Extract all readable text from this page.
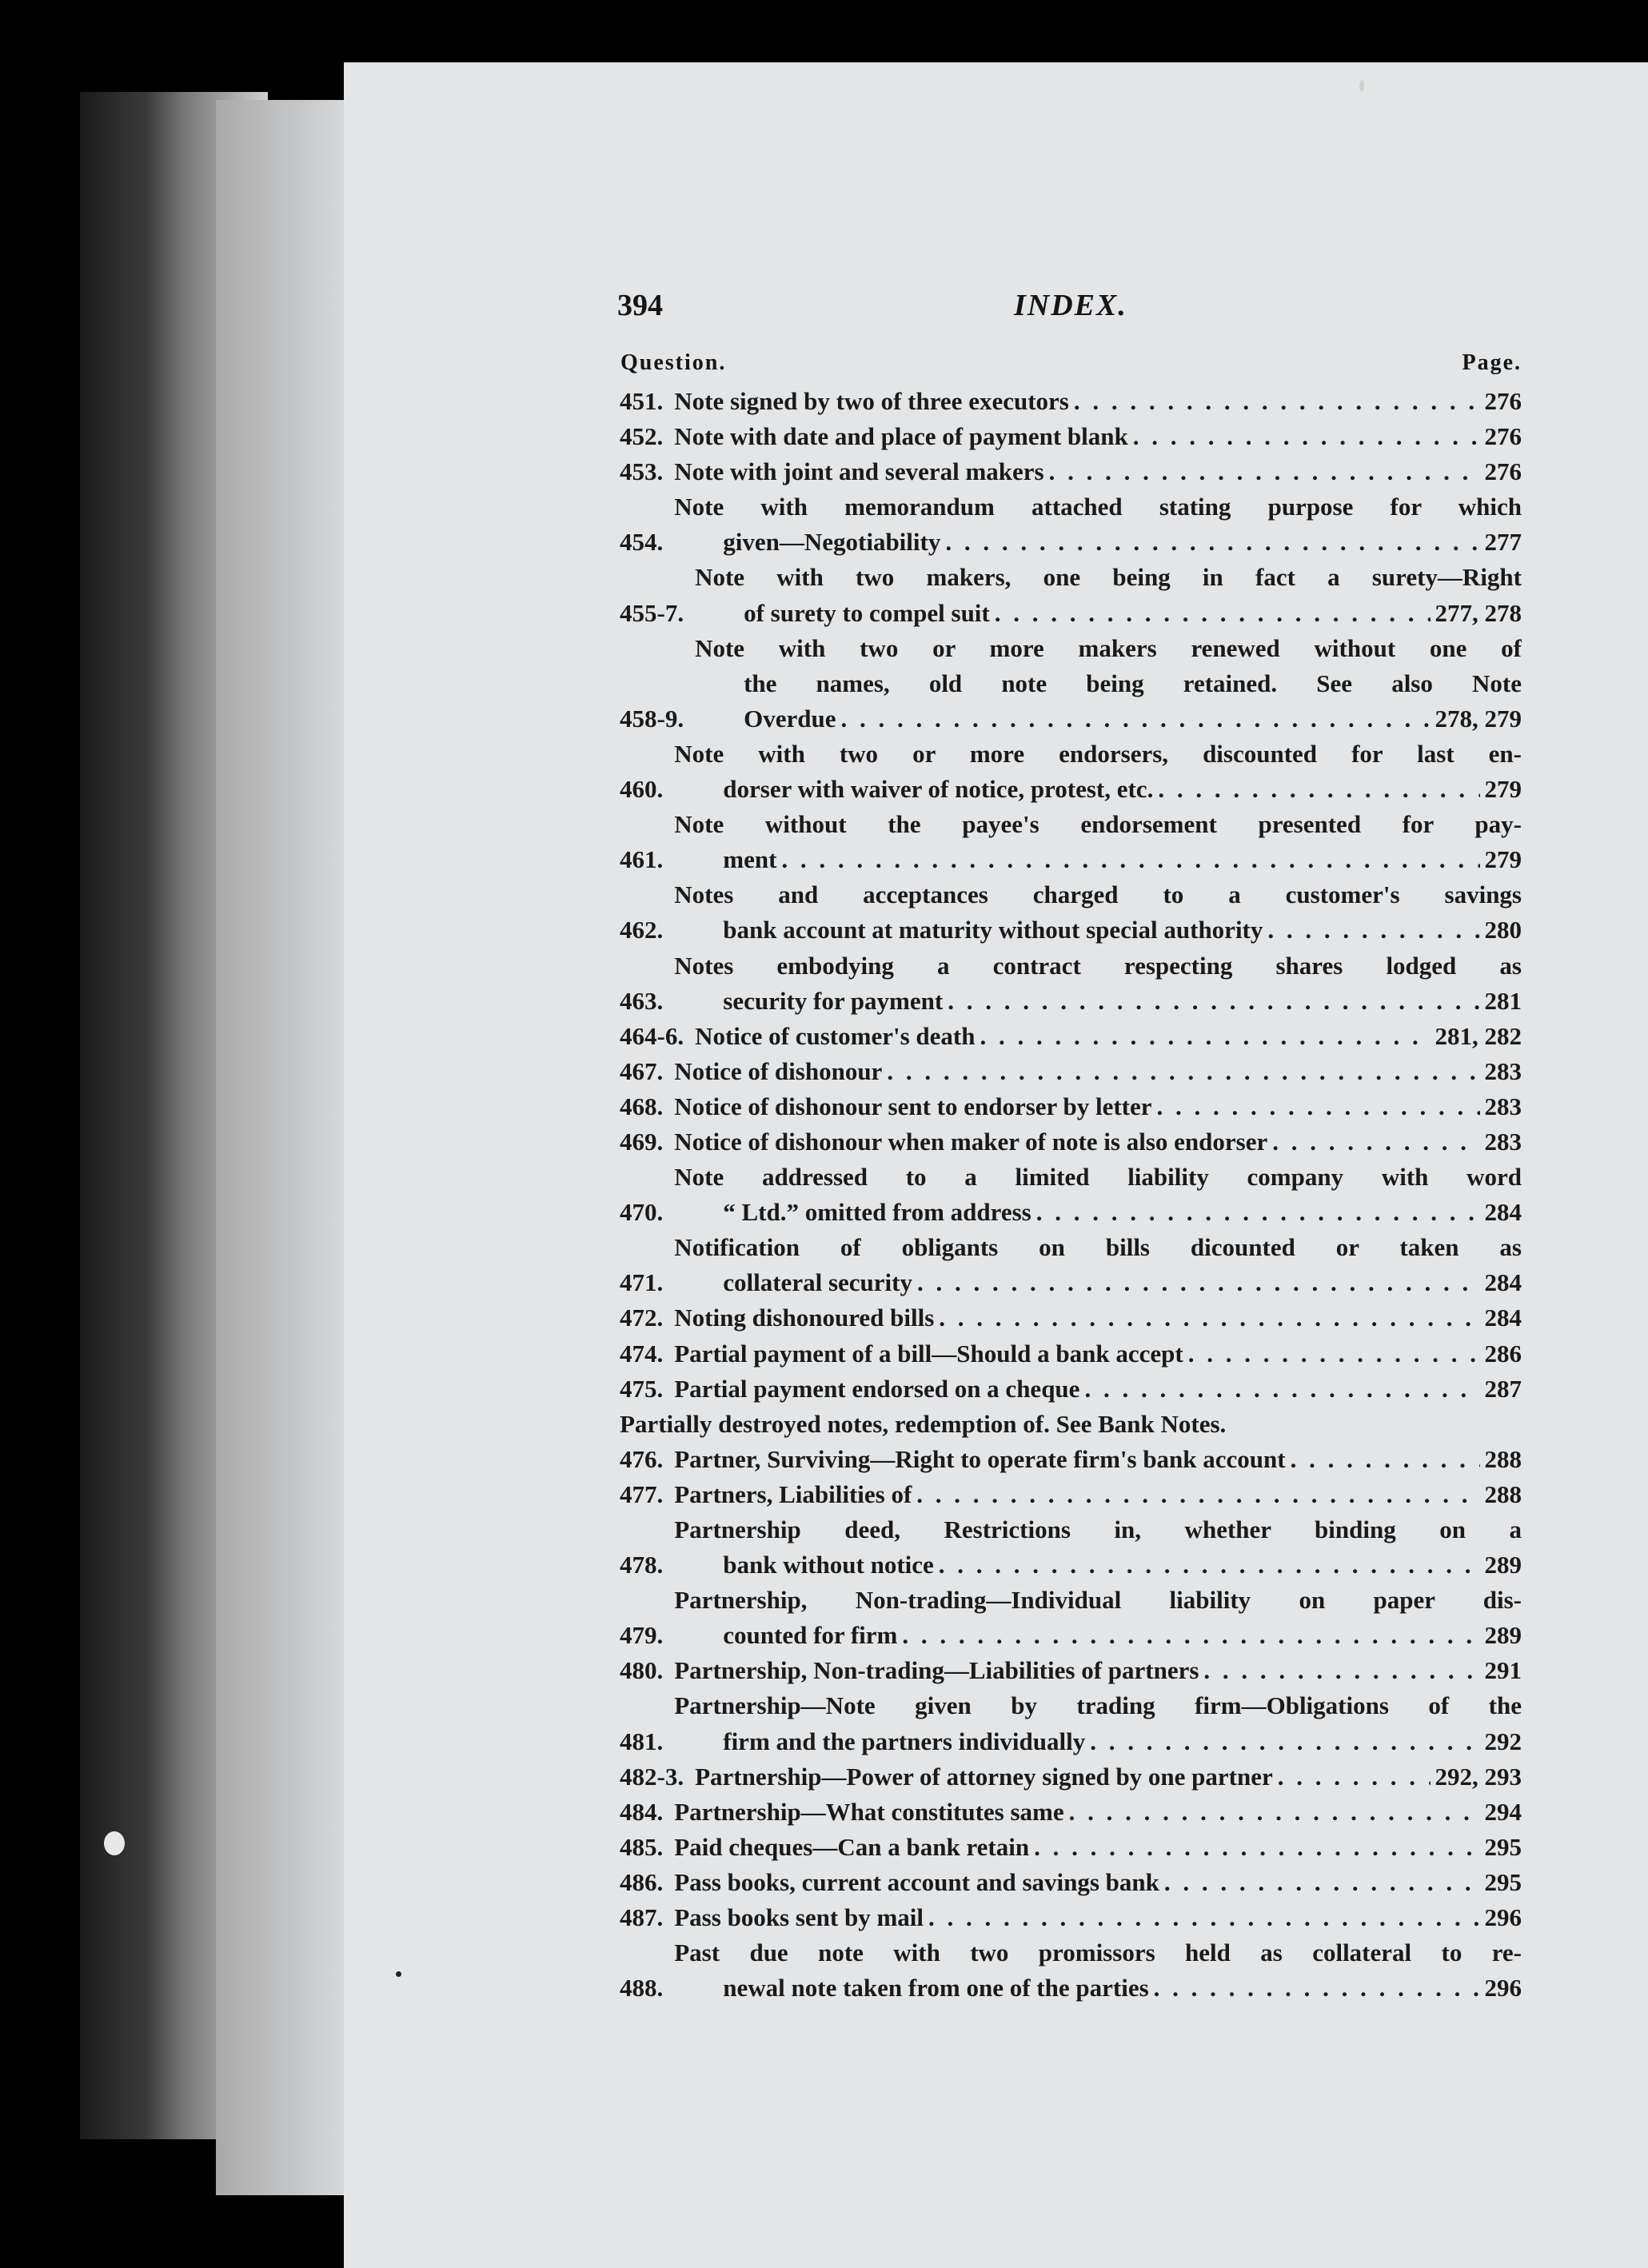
394	INDEX.
Question.	Page.
451. Note signed by two of three executors . . .	276
452. Note with date and place of payment blank . . .	276
453. Note with joint and several makers . . .	276
454.
Note with memorandum attached stating purpose for which
given—Negotiability . . .	277
455-7.
Note with two makers, one being in fact a surety—Right
of surety to compel suit . . .	277, 278
458-9.
Note with two or more makers renewed without one of
the names, old note being retained. See also Note
Overdue . . .	278, 279
460.
Note with two or more endorsers, discounted for last en-
dorser with waiver of notice, protest, etc. . . .	279
461.
Note without the payee's endorsement presented for pay-
ment . . .	279
462.
Notes and acceptances charged to a customer's savings
bank account at maturity without special authority . . .	280
463.
Notes embodying a contract respecting shares lodged as
security for payment . . .	281
464-6. Notice of customer's death . . .	281, 282
467. Notice of dishonour . . .	283
468. Notice of dishonour sent to endorser by letter . . .	283
469. Notice of dishonour when maker of note is also endorser . . .	283
470.
Note addressed to a limited liability company with word
“ Ltd.” omitted from address . . .	284
471.
Notification of obligants on bills dicounted or taken as
collateral security . . .	284
472. Noting dishonoured bills . . .	284
474. Partial payment of a bill—Should a bank accept . . .	286
475. Partial payment endorsed on a cheque . . .	287
Partially destroyed notes, redemption of. See Bank Notes.
476. Partner, Surviving—Right to operate firm's bank account . . .	288
477. Partners, Liabilities of . . .	288
478.
Partnership deed, Restrictions in, whether binding on a
bank without notice . . .	289
479.
Partnership, Non-trading—Individual liability on paper dis-
counted for firm . . .	289
480. Partnership, Non-trading—Liabilities of partners . . .	291
481.
Partnership—Note given by trading firm—Obligations of the
firm and the partners individually . . .	292
482-3. Partnership—Power of attorney signed by one partner . . .	292, 293
484. Partnership—What constitutes same . . .	294
485. Paid cheques—Can a bank retain . . .	295
486. Pass books, current account and savings bank . . .	295
487. Pass books sent by mail . . .	296
488.
Past due note with two promissors held as collateral to re-
newal note taken from one of the parties . . .	296
